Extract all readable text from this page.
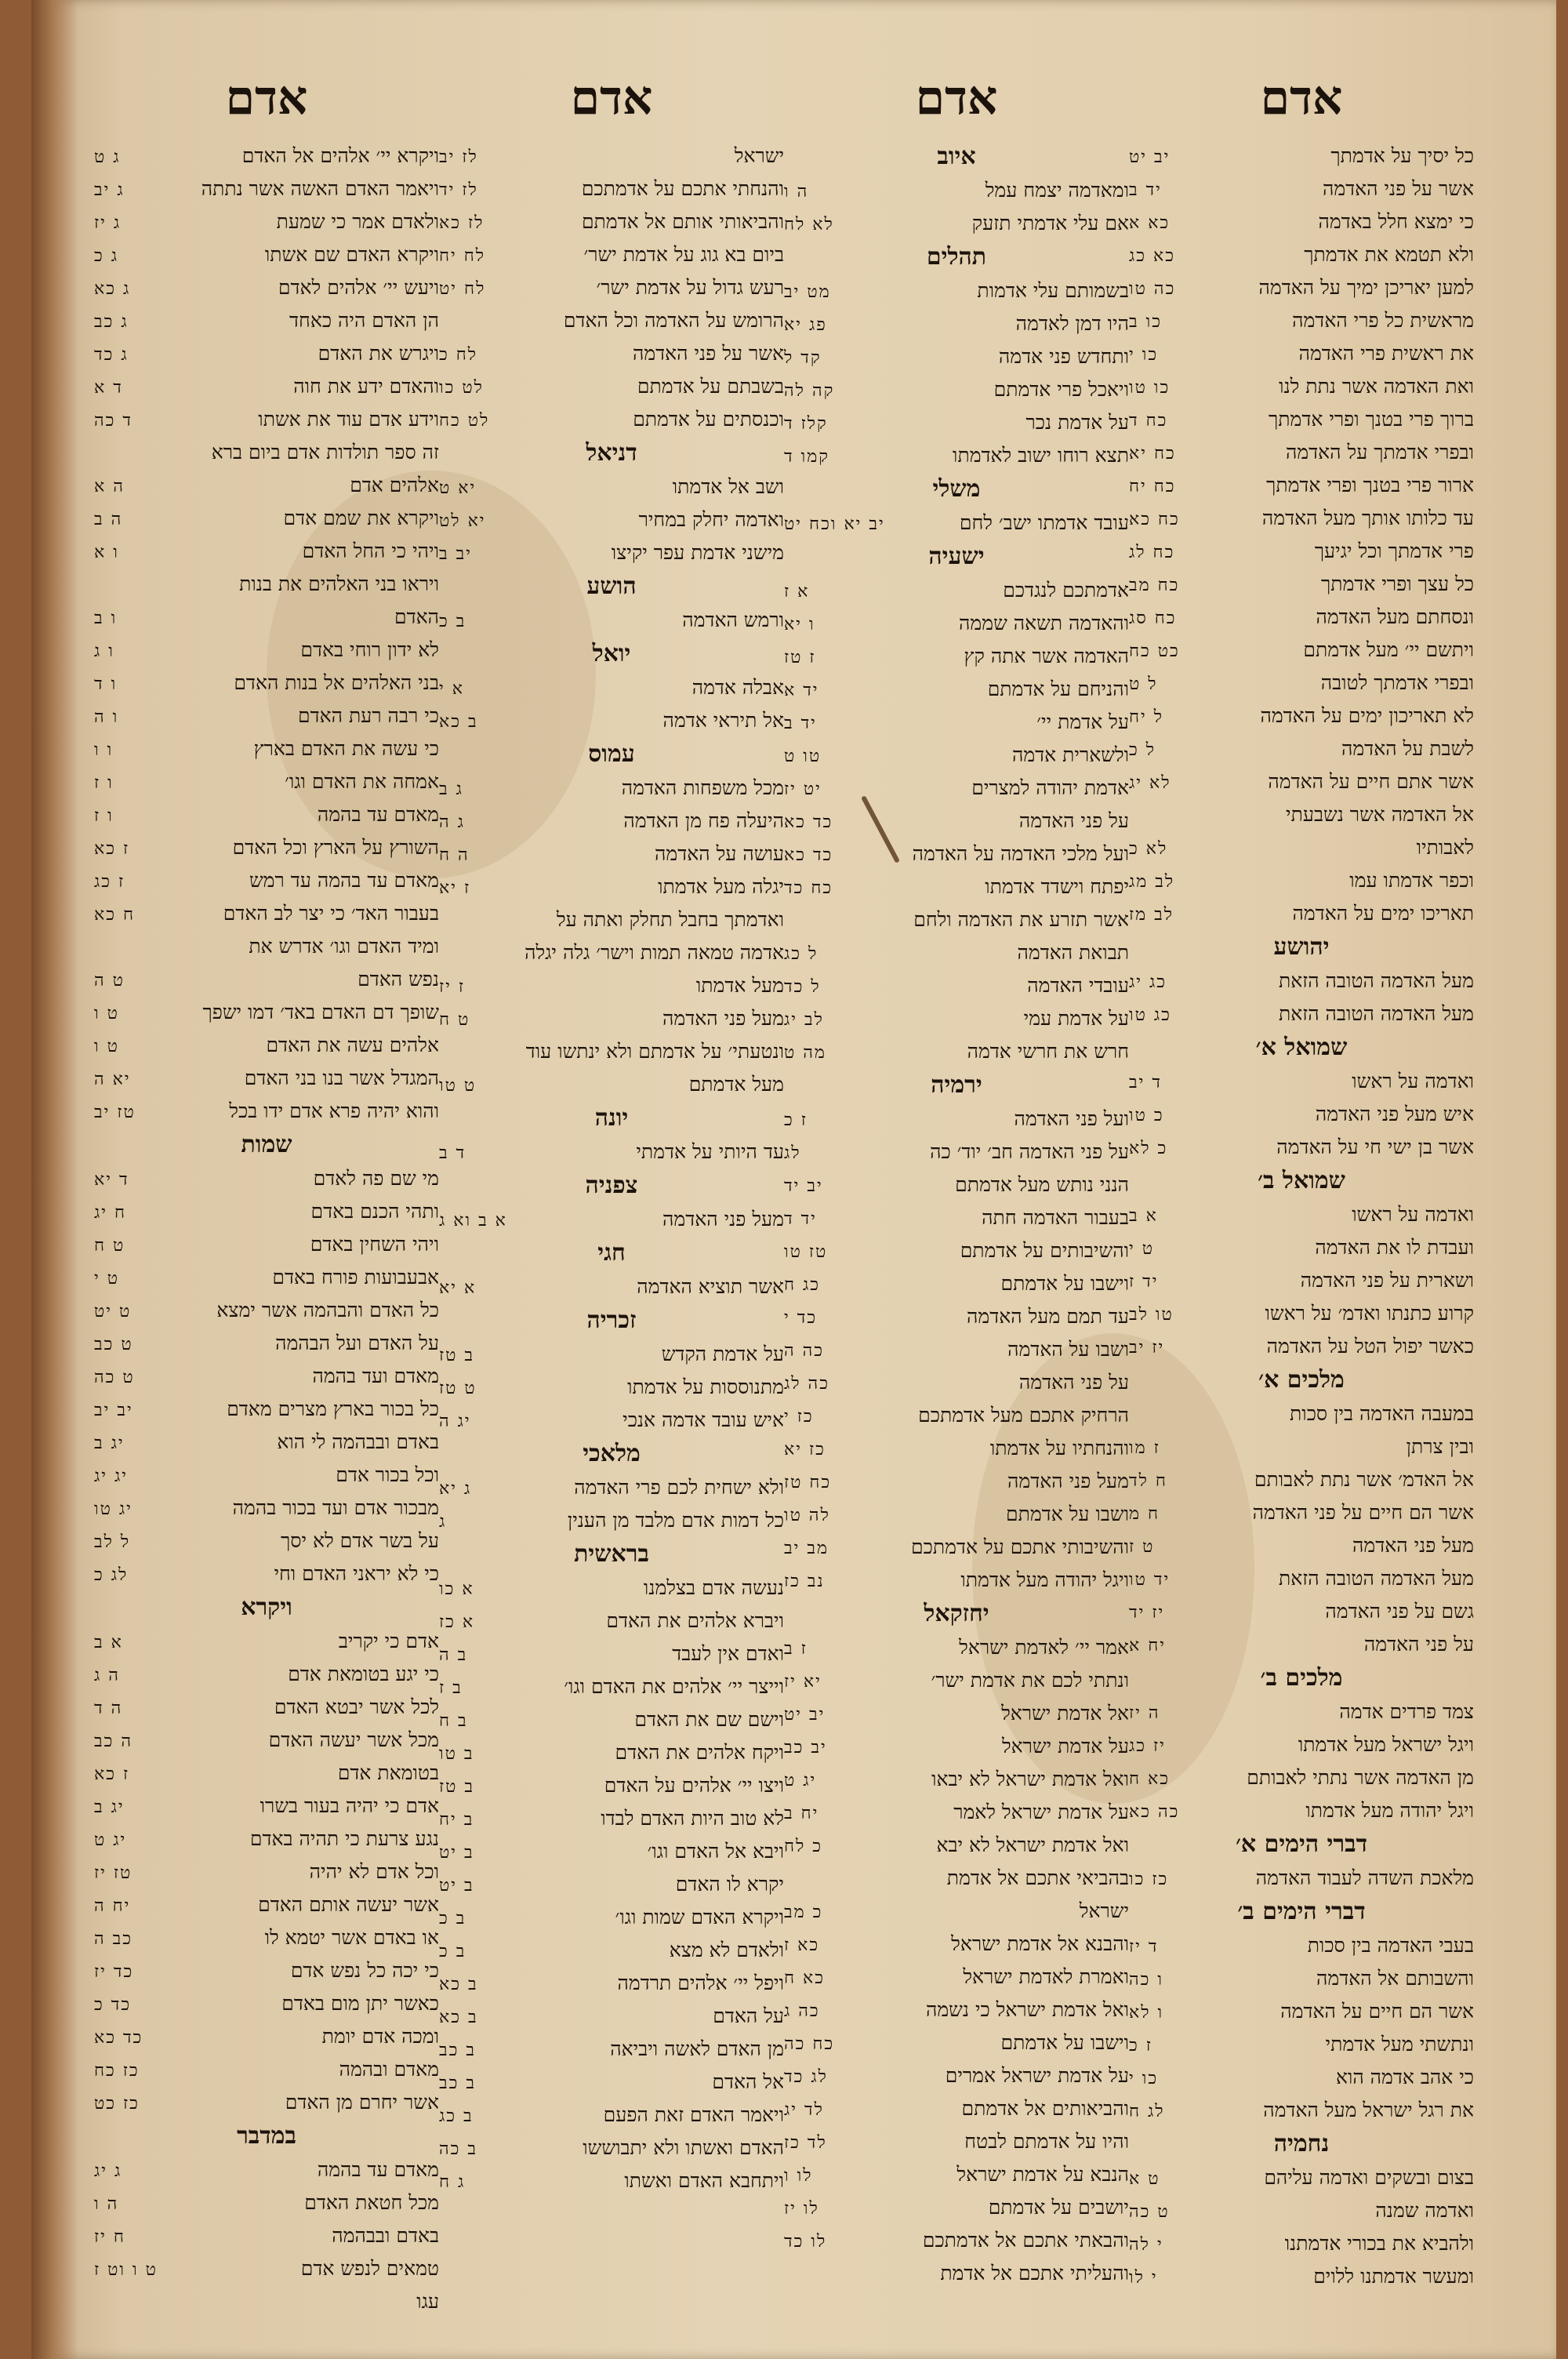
אדם
כל יסיך על אדמתך
יב יט
אשר על פני האדמה
יד ב
כי ימצא חלל באדמה
כא א
ולא תטמא את אדמתך
כא כג
למען יאריכן ימיך על האדמה
כה טו
מראשית כל פרי האדמה
כו ב
את ראשית פרי האדמה
כו י
ואת האדמה אשר נתת לנו
כו טו
ברוך פרי בטנך ופרי אדמתך
כח ד
ובפרי אדמתך על האדמה
כח יא
ארור פרי בטנך ופרי אדמתך
כח יח
עד כלותו אותך מעל האדמה
כח כא
פרי אדמתך וכל יגיעך
כח לג
כל עצך ופרי אדמתך
כח מב
ונסחתם מעל האדמה
כח סג
ויתשם יי׳ מעל אדמתם
כט כח
ובפרי אדמתך לטובה
ל ט
לא תאריכון ימים על האדמה
ל יח
לשבת על האדמה
ל כ
אשר אתם חיים על האדמה
לא יג
אל האדמה אשר נשבעתי
לאבותיו
לא כ
וכפר אדמתו עמו
לב מג
תאריכו ימים על האדמה
לב מז
יהושע
מעל האדמה הטובה הזאת
כג יג
מעל האדמה הטובה הזאת
כג טו
שמואל א׳
ואדמה על ראשו
ד יב
איש מעל פני האדמה
כ טו
אשר בן ישי חי על האדמה
כ לא
שמואל ב׳
ואדמה על ראשו
א ב
ועבדת לו את האדמה
ט י
ושארית על פני האדמה
יד ז
קרוע כתנתו ואדמ׳ על ראשו
טו לב
כאשר יפול הטל על האדמה
יז יב
מלכים א׳
במעבה האדמה בין סכות
ובין צרתן
ז מו
אל האדמ׳ אשר נתת לאבותם
ח לד
אשר הם חיים על פני האדמה
ח מ
מעל פני האדמה
ט ז
מעל האדמה הטובה הזאת
יד טו
גשם על פני האדמה
יז יד
על פני האדמה
יח א
מלכים ב׳
צמד פרדים אדמה
ה יז
ויגל ישראל מעל אדמתו
יז כג
מן האדמה אשר נתתי לאבותם
כא ח
ויגל יהודה מעל אדמתו
כה כא
דברי הימים א׳
מלאכת השדה לעבוד האדמה
כז כו
דברי הימים ב׳
בעבי האדמה בין סכות
ד יז
והשבותם אל האדמה
ו כה
אשר הם חיים על האדמה
ו לא
ונתשתי מעל אדמתי
ז כ
כי אהב אדמה הוא
כו י
את רגל ישראל מעל האדמה
לג ח
נחמיה
בצום ובשקים ואדמה עליהם
ט א
ואדמה שמנה
ט כה
ולהביא את בכורי אדמתנו
י לה
ומעשר אדמתנו ללוים
י לו
אדם
איוב
ומאדמה יצמח עמל
ה ו
אם עלי אדמתי תזעק
לא לח
תהלים
בשמותם עלי אדמות
מט יב
היו דמן לאדמה
פג יא
ותחדש פני אדמה
קד ל
ויאכל פרי אדמתם
קה לה
על אדמת נכר
קלז ד
תצא רוחו ישוב לאדמתו
קמו ד
משלי
עובד אדמתו ישב׳ לחם
יב יא וכח יט
ישעיה
אדמתכם לנגדכם
א ז
והאדמה תשאה שממה
ו יא
האדמה אשר אתה קץ
ז טז
והניחם על אדמתם
יד א
על אדמת יי׳
יד ב
ולשארית אדמה
טו ט
אדמת יהודה למצרים
יט יז
על פני האדמה
כד כא
ועל מלכי האדמה על האדמה
כד כא
יפתח וישדד אדמתו
כח כד
אשר תזרע את האדמה ולחם
תבואת האדמה
ל כג
עובדי האדמה
ל כד
על אדמת עמי
לב יג
חרש את חרשי אדמה
מה ט
ירמיה
ועל פני האדמה
ז כ
על פני האדמה חב׳ יוד׳ כה
לג
הנני נותש מעל אדמתם
יב יד
בעבור האדמה חתה
יד ד
והשיבותים על אדמתם
טז טו
וישבו על אדמתם
כג ח
עד תמם מעל האדמה
כד י
ושבו על האדמה
כה ה
על פני האדמה
כה לג
הרחיק אתכם מעל אדמתכם
כז י
והנחתיו על אדמתו
כז יא
מעל פני האדמה
כח טז
ושבו על אדמתם
לה טו
והשיבותי אתכם על אדמתכם
מב יב
ויגל יהודה מעל אדמתו
נב כז
יחזקאל
אמר יי׳ לאדמת ישראל
ז ב
ונתתי לכם את אדמת ישר׳
יא יז
אל אדמת ישראל
יב יט
על אדמת ישראל
יב כב
ואל אדמת ישראל לא יבאו
יג ט
על אדמת ישראל לאמר
יח ב
ואל אדמת ישראל לא יבא
כ לח
בהביאי אתכם אל אדמת
ישראל
כ מב
והבנא אל אדמת ישראל
כא ז
ואמרת לאדמת ישראל
כא ח
ואל אדמת ישראל כי נשמה
כה ג
וישבו על אדמתם
כח כה
על אדמת ישראל אמרים
לג כד
והביאותים אל אדמתם
לד יג
והיו על אדמתם לבטח
לד כז
הנבא על אדמת ישראל
לו ו
יושבים על אדמתם
לו יז
והבאתי אתכם אל אדמתכם
לו כד
והעליתי אתכם אל אדמת
אדם
ישראל
לז יב
והנחתי אתכם על אדמתכם
לז יד
והביאותי אותם אל אדמתם
לז כא
ביום בא גוג על אדמת ישר׳
לח יח
רעש גדול על אדמת ישר׳
לח יט
הרומש על האדמה וכל האדם
אשר על פני האדמה
לח כ
בשבתם על אדמתם
לט כו
וכנסתים על אדמתם
לט כח
דניאל
ושב אל אדמתו
יא ט
ואדמה יחלק במחיר
יא לט
מישני אדמת עפר יקיצו
יב ב
הושע
ורמש האדמה
ב כ
יואל
אבלה אדמה
א י
אל תיראי אדמה
ב כא
עמוס
מכל משפחות האדמה
ג ב
היעלה פח מן האדמה
ג ה
עושה על האדמה
ה ח
יגלה מעל אדמתו
ז יא
ואדמתך בחבל תחלק ואתה על
אדמה טמאה תמות וישר׳ גלה יגלה
מעל אדמתו
ז יז
מעל פני האדמה
ט ח
ונטעתי׳ על אדמתם ולא ינתשו עוד
מעל אדמתם
ט טו
יונה
עד היותי על אדמתי
ד ב
צפניה
מעל פני האדמה
א ב וא ג
חגי
אשר תוציא האדמה
א יא
זכריה
על אדמת הקדש
ב טז
מתנוססות על אדמתו
ט טז
איש עובד אדמה אנכי
יג ה
מלאכי
ולא ישחית לכם פרי האדמה
ג יא
כל דמות אדם מלבד מן הענין
ג
בראשית
נעשה אדם בצלמנו
א כו
ויברא אלהים את האדם
א כז
ואדם אין לעבד
ב ה
וייצר יי׳ אלהים את האדם וגו׳
ב ז
וישם שם את האדם
ב ח
ויקח אלהים את האדם
ב טו
ויצו יי׳ אלהים על האדם
ב טז
לא טוב היות האדם לבדו
ב יח
ויבא אל האדם וגו׳
ב יט
יקרא לו האדם
ב יט
ויקרא האדם שמות וגו׳
ב כ
ולאדם לא מצא
ב כ
ויפל יי׳ אלהים תרדמה
ב כא
על האדם
ב כא
מן האדם לאשה ויביאה
ב כב
אל האדם
ב כב
ויאמר האדם זאת הפעם
ב כג
האדם ואשתו ולא יתבוששו
ב כה
ויתחבא האדם ואשתו
ג ח
אדם
ויקרא יי׳ אלהים אל האדם
ג ט
ויאמר האדם האשה אשר נתתה
ג יב
ולאדם אמר כי שמעת
ג יז
ויקרא האדם שם אשתו
ג כ
ויעש יי׳ אלהים לאדם
ג כא
הן האדם היה כאחד
ג כב
ויגרש את האדם
ג כד
והאדם ידע את חוה
ד א
וידע אדם עוד את אשתו
ד כה
זה ספר תולדות אדם ביום ברא
אלהים אדם
ה א
ויקרא את שמם אדם
ה ב
ויהי כי החל האדם
ו א
ויראו בני האלהים את בנות
האדם
ו ב
לא ידון רוחי באדם
ו ג
בני האלהים אל בנות האדם
ו ד
כי רבה רעת האדם
ו ה
כי עשה את האדם בארץ
ו ו
אמחה את האדם וגו׳
ו ז
מאדם עד בהמה
ו ז
השורץ על הארץ וכל האדם
ז כא
מאדם עד בהמה עד רמש
ז כג
בעבור האד׳ כי יצר לב האדם
ח כא
ומיד האדם וגו׳ אדרש את
נפש האדם
ט ה
שופך דם האדם באד׳ דמו ישפך
ט ו
אלהים עשה את האדם
ט ו
המגדל אשר בנו בני האדם
יא ה
והוא יהיה פרא אדם ידו בכל
טז יב
שמות
מי שם פה לאדם
ד יא
ותהי הכנם באדם
ח יג
ויהי השחין באדם
ט ח
אבעבועות פורח באדם
ט י
כל האדם והבהמה אשר ימצא
ט יט
על האדם ועל הבהמה
ט כב
מאדם ועד בהמה
ט כה
כל בכור בארץ מצרים מאדם
יב יב
באדם ובבהמה לי הוא
יג ב
וכל בכור אדם
יג יג
מבכור אדם ועד בכור בהמה
יג טו
על בשר אדם לא יסך
ל לב
כי לא יראני האדם וחי
לג כ
ויקרא
אדם כי יקריב
א ב
כי יגע בטומאת אדם
ה ג
לכל אשר יבטא האדם
ה ד
מכל אשר יעשה האדם
ה כב
בטומאת אדם
ז כא
אדם כי יהיה בעור בשרו
יג ב
נגע צרעת כי תהיה באדם
יג ט
וכל אדם לא יהיה
טז יז
אשר יעשה אותם האדם
יח ה
או באדם אשר יטמא לו
כב ה
כי יכה כל נפש אדם
כד יז
כאשר יתן מום באדם
כד כ
ומכה אדם יומת
כד כא
מאדם ובהמה
כז כח
אשר יחרם מן האדם
כז כט
במדבר
מאדם עד בהמה
ג יג
מכל חטאת האדם
ה ו
באדם ובבהמה
ח יז
טמאים לנפש אדם
ט ו וט ז
עגו
